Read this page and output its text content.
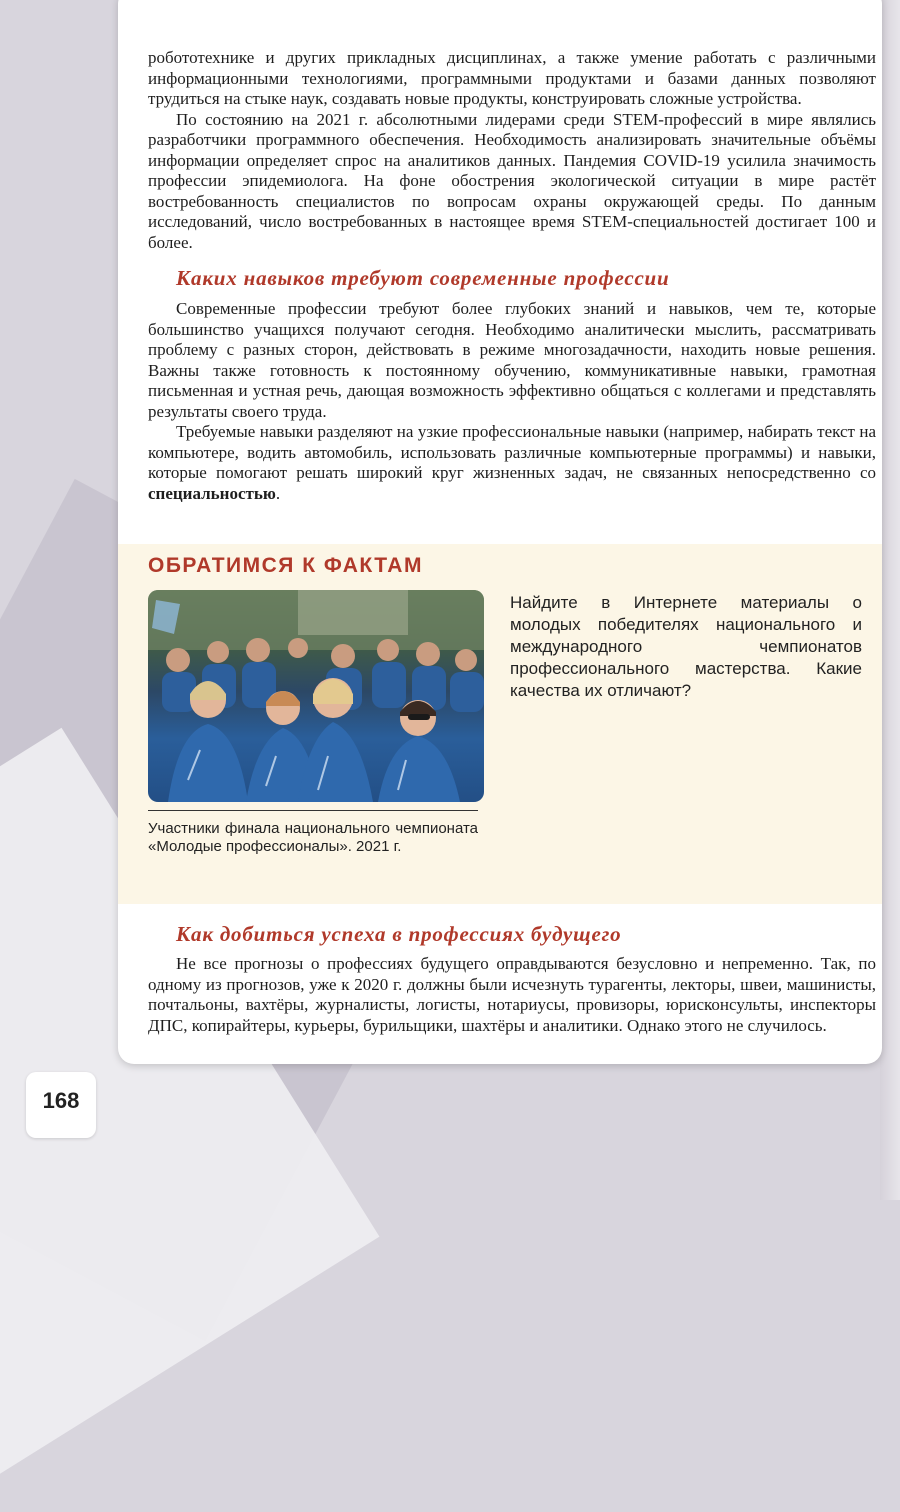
робототехнике и других прикладных дисциплинах, а также умение работать с различными информационными технологиями, программными продуктами и базами данных позволяют трудиться на стыке наук, создавать новые продукты, конструировать сложные устройства.

По состоянию на 2021 г. абсолютными лидерами среди STEM-профессий в мире являлись разработчики программного обеспечения. Необходимость анализировать значительные объёмы информации определяет спрос на аналитиков данных. Пандемия COVID-19 усилила значимость профессии эпидемиолога. На фоне обострения экологической ситуации в мире растёт востребованность специалистов по вопросам охраны окружающей среды. По данным исследований, число востребованных в настоящее время STEM-специальностей достигает 100 и более.

Каких навыков требуют современные профессии

Современные профессии требуют более глубоких знаний и навыков, чем те, которые большинство учащихся получают сегодня. Необходимо аналитически мыслить, рассматривать проблему с разных сторон, действовать в режиме многозадачности, находить новые решения. Важны также готовность к постоянному обучению, коммуникативные навыки, грамотная письменная и устная речь, дающая возможность эффективно общаться с коллегами и представлять результаты своего труда.

Требуемые навыки разделяют на узкие профессиональные навыки (например, набирать текст на компьютере, водить автомобиль, использовать различные компьютерные программы) и навыки, которые помогают решать широкий круг жизненных задач, не связанных непосредственно со специальностью.

ОБРАТИМСЯ К ФАКТАМ

Участники финала национального чемпионата «Молодые профессионалы». 2021 г.

Найдите в Интернете материалы о молодых победителях национального и международного чемпионатов профессионального мастерства. Какие качества их отличают?

Как добиться успеха в профессиях будущего

Не все прогнозы о профессиях будущего оправдываются безусловно и непременно. Так, по одному из прогнозов, уже к 2020 г. должны были исчезнуть турагенты, лекторы, швеи, машинисты, почтальоны, вахтёры, журналисты, логисты, нотариусы, провизоры, юрисконсульты, инспекторы ДПС, копирайтеры, курьеры, бурильщики, шахтёры и аналитики. Однако этого не случилось.

168
